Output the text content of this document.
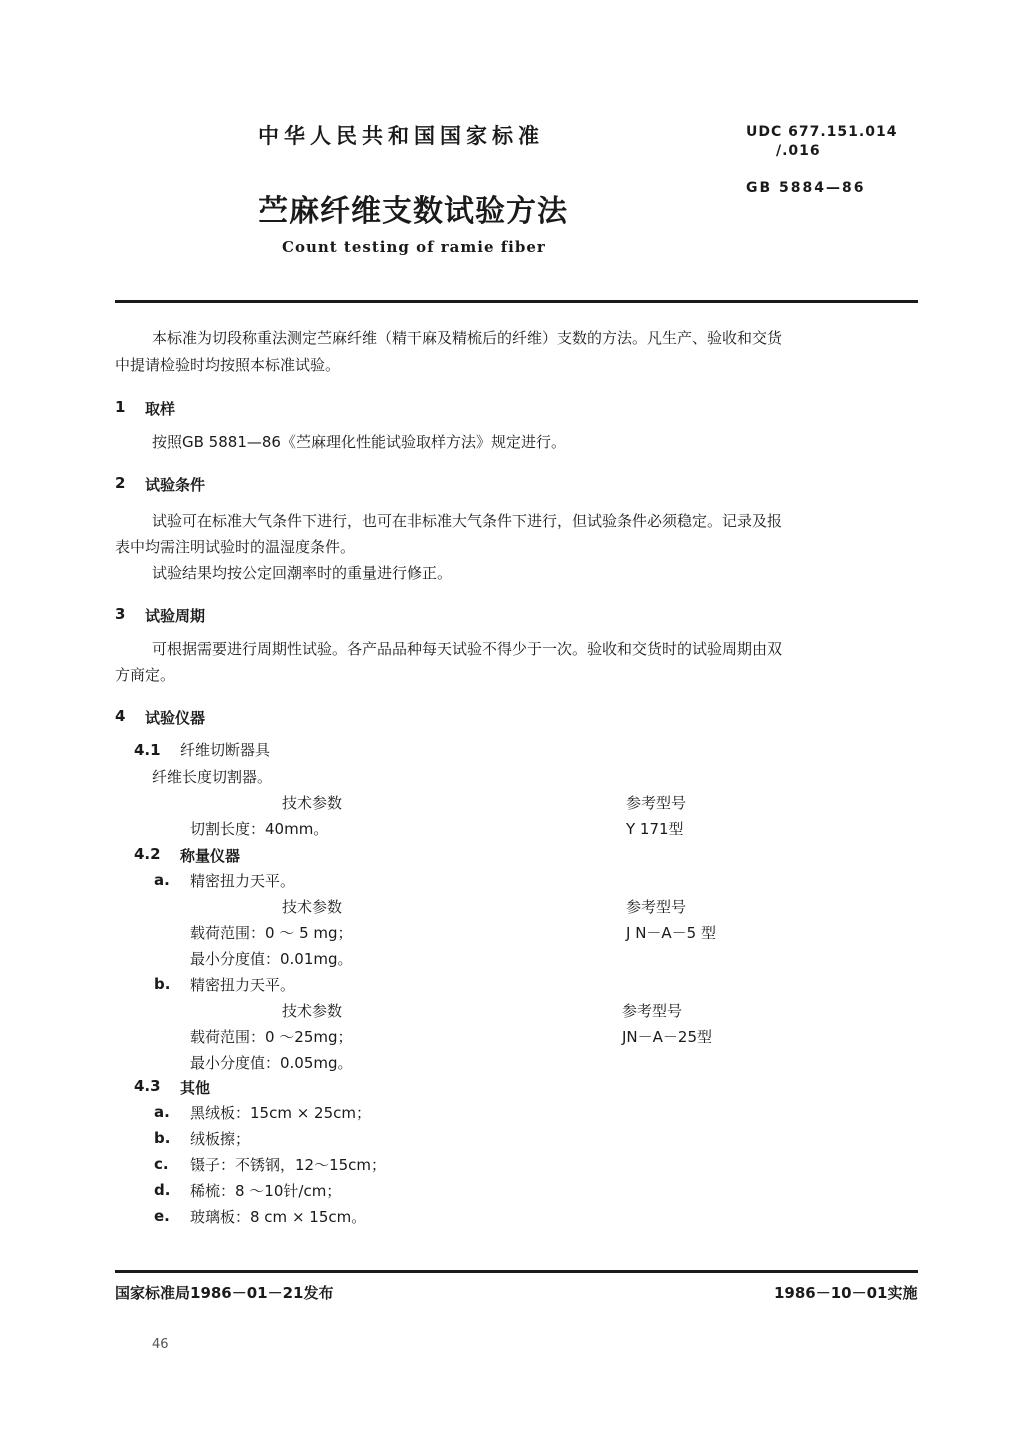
中华人民共和国国家标准
苎麻纤维支数试验方法
Count testing of ramie fiber
UDC 677.151.014
/.016
GB 5884—86
本标准为切段称重法测定苎麻纤维（精干麻及精梳后的纤维）支数的方法。凡生产、验收和交货
中提请检验时均按照本标准试验。
1 取样
按照GB 5881—86《苎麻理化性能试验取样方法》规定进行。
2 试验条件
试验可在标准大气条件下进行，也可在非标准大气条件下进行，但试验条件必须稳定。记录及报
表中均需注明试验时的温湿度条件。
试验结果均按公定回潮率时的重量进行修正。
3 试验周期
可根据需要进行周期性试验。各产品品种每天试验不得少于一次。验收和交货时的试验周期由双
方商定。
4 试验仪器
4.1 纤维切断器具
纤维长度切割器。
技术参数	参考型号
切割长度：40mm。	Y 171型
4.2 称量仪器
a. 精密扭力天平。
技术参数	参考型号
载荷范围：0 ～ 5 mg；	J N－A－5 型
最小分度值：0.01mg。
b. 精密扭力天平。
技术参数	参考型号
载荷范围：0 ～25mg；	JN－A－25型
最小分度值：0.05mg。
4.3 其他
a. 黑绒板：15cm × 25cm；
b. 绒板擦；
c. 镊子：不锈钢，12～15cm；
d. 稀梳：8 ～10针/cm；
e. 玻璃板：8 cm × 15cm。
国家标准局1986－01－21发布	1986－10－01实施
46
